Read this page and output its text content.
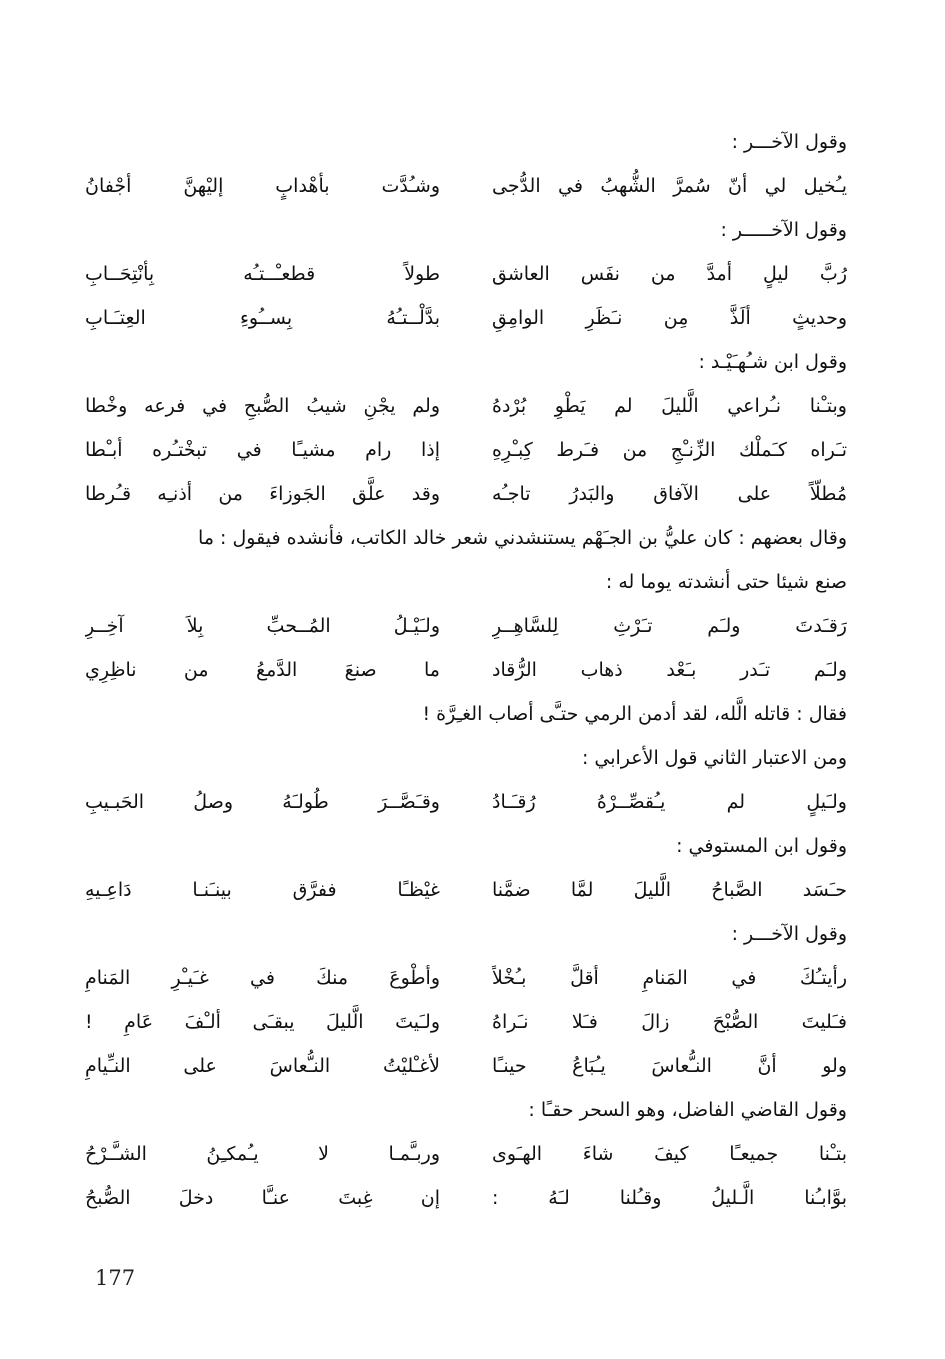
وقول الآخـــر :
يـُخيل لي أنّ سُمرَّ الشُّهبُ في الدُّجى
وشـُدَّت بأهْدابٍ إليْهنَّ أجْفانُ
وقول الآخـــــر :
رُبَّ ليلٍ أمدَّ من نفَس العاشق
طولاً قطعـْــتـُه بِأنْتِحَــابِ
وحديثٍ ألَذَّ مِن نـَظَرِ الوامِقِ
بدَّلْــتـُهُ بِســُوءِ العِتـَـابِ
وقول ابن شـُهـَيْـد :
وبتـْنا نـُراعي الَّليلَ لم يَطْوِ بُرْدهُ
ولم يجْنِ شيبُ الصُّبحِ في فرعه وخْطا
تـَراه كـَملْك الزِّنـْجِ من فـَرط كِبـْرِهِ
إذا رام مشيـًا في تبخْتـُره أبـْطا
مُطلّاً على الآفاق والبَدرُ تاجـُه
وقد علَّق الجَوزاءَ من أذنـِه قـُرطا
وقال بعضهم : كان عليُّ بن الجـَهْم يستنشدني شعر خالد الكاتب، فأنشده فيقول : ما
صنع شيئا حتى أنشدته يوما له :
رَقـَدتَ ولـَم تـَرْثِ لِلسَّاهِــرِ
ولـَيْـلُ المُــحبِّ بِلاَ آخِــرِ
ولـَم تـَدر بـَعْد ذهاب الرُّقاد
ما صنعَ الدَّمعُ من ناظِرِي
فقال : قاتله الَّله، لقد أدمن الرمي حتـَّى أصاب الغـِرَّة !
ومن الاعتبار الثاني قول الأعرابي :
ولـَيلٍ لم يـُقصِّــرْهُ رُقـَـادُ
وقـَصَّــرَ طُولـَهُ وصلُ الحَبـيبِ
وقول ابن المستوفي :
حـَسَد الصَّباحُ الَّليلَ لمَّا ضمَّنا
غيْظـًا ففرَّق بينـَنـا دَاعِـيهِ
وقول الآخـــر :
رأيتـُكَ في المَنامِ أقلَّ بـُخْلاً
وأطْوعَ منكَ في غـَيـْرِ المَنامِ
فـَليتَ الصُّبْحَ زالَ فـَلا نـَراهُ
ولـَيتَ الَّليلَ يبقـَى ألـْفَ عَامِ !
ولو أنَّ النـُّعاسَ يـُبَاعُ حينـًا
لأغـْليْتُ النـُّعاسَ على النـِّيامِ
وقول القاضي الفاضل، وهو السحر حقـًا :
بتـْنا جميعـًا كيفَ شاءَ الهـَوى
وربـَّمـا لا يـُمكـِنُ الشـَّـرْحُ
بوَّابـُنا الَّـليلُ وقـُلنا لـَهُ :
إن غِبتَ عنـَّا دخلَ الصُّبحُ
177
